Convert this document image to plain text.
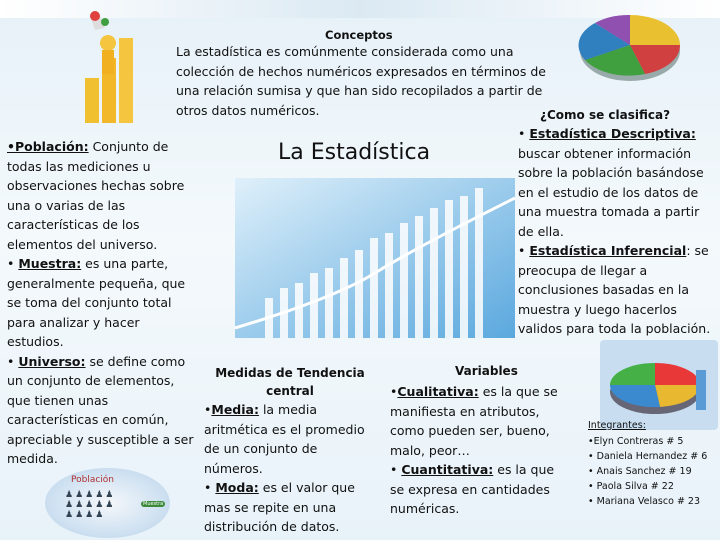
Conceptos
La estadística es comúnmente considerada como una colección de hechos numéricos expresados en términos de una relación sumisa y que han sido recopilados a partir de otros datos numéricos.
La Estadística
•Población: Conjunto de todas las mediciones u observaciones hechas sobre una o varias de las características de los elementos del universo.
• Muestra: es una parte, generalmente pequeña, que se toma del conjunto total para analizar y hacer estudios.
• Universo: se define como un conjunto de elementos, que tienen unas características en común, apreciable y susceptible a ser medida.
¿Como se clasifica?
• Estadística Descriptiva:
buscar obtener información sobre la población basándose en el estudio de los datos de una muestra tomada a partir de ella.
• Estadística Inferencial: se preocupa de llegar a conclusiones basadas en la muestra y luego hacerlos validos para toda la población.
Medidas de Tendencia central
•Media: la media aritmética es el promedio de un conjunto de números.
• Moda: es el valor que mas se repite en una distribución de datos.
Variables
•Cualitativa: es la que se manifiesta en atributos, como pueden ser, bueno, malo, peor…
• Cuantitativa: es la que se expresa en cantidades numéricas.
Integrantes:
•Elyn Contreras # 5
• Daniela Hernandez # 6
• Anais Sanchez # 19
• Paola Silva # 22
• Mariana Velasco # 23
Población
Muestra
♟♟♟♟♟ ♟♟♟♟♟ ♟♟♟♟
